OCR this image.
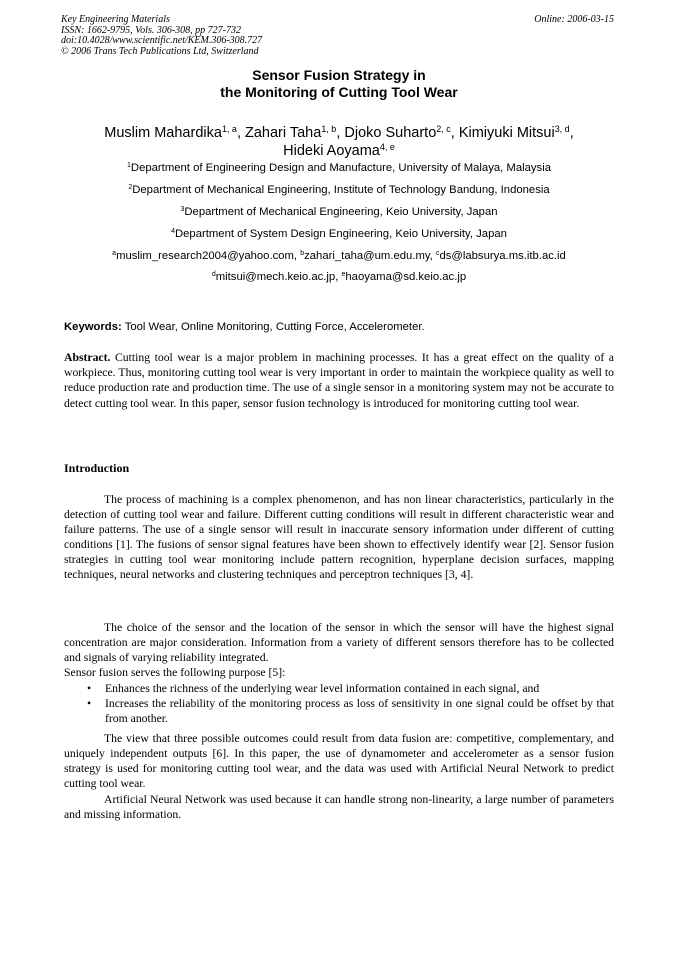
Key Engineering Materials
ISSN: 1662-9795, Vols. 306-308, pp 727-732
doi:10.4028/www.scientific.net/KEM.306-308.727
© 2006 Trans Tech Publications Ltd, Switzerland
Online: 2006-03-15
Sensor Fusion Strategy in
the Monitoring of Cutting Tool Wear
Muslim Mahardika$^{1, a}$, Zahari Taha$^{1, b}$, Djoko Suharto$^{2, c}$, Kimiyuki Mitsui$^{3, d}$,
Hideki Aoyama$^{4, e}$
$^1$Department of Engineering Design and Manufacture, University of Malaya, Malaysia
$^2$Department of Mechanical Engineering, Institute of Technology Bandung, Indonesia
$^3$Department of Mechanical Engineering, Keio University, Japan
$^4$Department of System Design Engineering, Keio University, Japan
$^a$muslim_research2004@yahoo.com, $^b$zahari_taha@um.edu.my, $^c$ds@labsurya.ms.itb.ac.id
$^d$mitsui@mech.keio.ac.jp, $^e$haoyama@sd.keio.ac.jp
Keywords: Tool Wear, Online Monitoring, Cutting Force, Accelerometer.
Abstract. Cutting tool wear is a major problem in machining processes. It has a great effect on the quality of a workpiece. Thus, monitoring cutting tool wear is very important in order to maintain the workpiece quality as well to reduce production rate and production time. The use of a single sensor in a monitoring system may not be accurate to detect cutting tool wear. In this paper, sensor fusion technology is introduced for monitoring cutting tool wear.
Introduction

The process of machining is a complex phenomenon, and has non linear characteristics, particularly in the detection of cutting tool wear and failure. Different cutting conditions will result in different characteristic wear and failure patterns. The use of a single sensor will result in inaccurate sensory information under different of cutting conditions [1]. The fusions of sensor signal features have been shown to effectively identify wear [2]. Sensor fusion strategies in cutting tool wear monitoring include pattern recognition, hyperplane decision surfaces, mapping techniques, neural networks and clustering techniques and perceptron techniques [3, 4].

The choice of the sensor and the location of the sensor in which the sensor will have the highest signal concentration are major consideration. Information from a variety of different sensors therefore has to be collected and signals of varying reliability integrated.

Sensor fusion serves the following purpose [5]:

• Enhances the richness of the underlying wear level information contained in each signal, and
• Increases the reliability of the monitoring process as loss of sensitivity in one signal could be offset by that from another.

The view that three possible outcomes could result from data fusion are: competitive, complementary, and uniquely independent outputs [6]. In this paper, the use of dynamometer and accelerometer as a sensor fusion strategy is used for monitoring cutting tool wear, and the data was used with Artificial Neural Network to predict cutting tool wear.

Artificial Neural Network was used because it can handle strong non-linearity, a large number of parameters and missing information.
